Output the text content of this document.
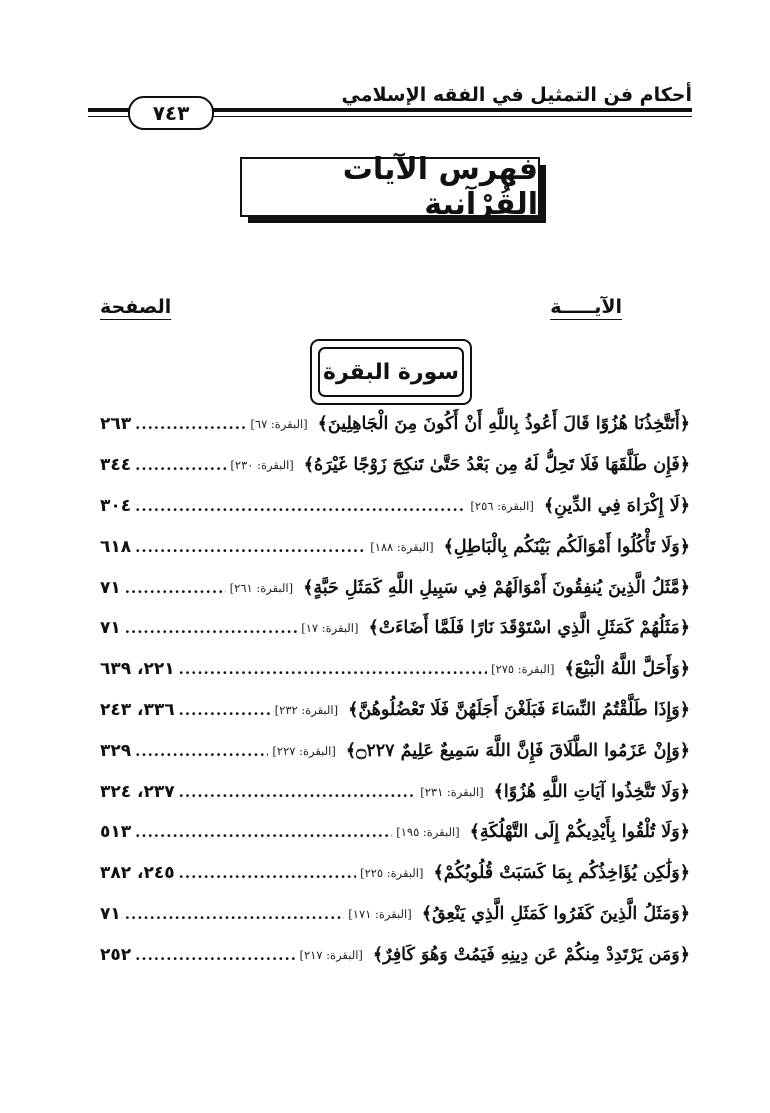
أحكام فن التمثيل في الفقه الإسلامي
٧٤٣
فهرس الآيات القُرْآنية
الآيـــــة
الصفحة
سورة البقرة
﴿أَتَتَّخِذُنَا هُزُوًا قَالَ أَعُوذُ بِاللَّهِ أَنْ أَكُونَ مِنَ الْجَاهِلِينَ﴾
[البقرة: ٦٧]
.....
٢٦٣
﴿فَإِن طَلَّقَهَا فَلَا تَحِلُّ لَهُ مِن بَعْدُ حَتَّىٰ تَنكِحَ زَوْجًا غَيْرَهُ﴾
[البقرة: ٢٣٠]
.....
٣٤٤
﴿لَا إِكْرَاهَ فِي الدِّينِ﴾
[البقرة: ٢٥٦]
.....
٣٠٤
﴿وَلَا تَأْكُلُوا أَمْوَالَكُم بَيْنَكُم بِالْبَاطِلِ﴾
[البقرة: ١٨٨]
.....
٦١٨
﴿مَّثَلُ الَّذِينَ يُنفِقُونَ أَمْوَالَهُمْ فِي سَبِيلِ اللَّهِ كَمَثَلِ حَبَّةٍ﴾
[البقرة: ٢٦١]
.....
٧١
﴿مَثَلُهُمْ كَمَثَلِ الَّذِي اسْتَوْقَدَ نَارًا فَلَمَّا أَضَاءَتْ﴾
[البقرة: ١٧]
.....
٧١
﴿وَأَحَلَّ اللَّهُ الْبَيْعَ﴾
[البقرة: ٢٧٥]
.....
٢٢١، ٦٣٩
﴿وَإِذَا طَلَّقْتُمُ النِّسَاءَ فَبَلَغْنَ أَجَلَهُنَّ فَلَا تَعْضُلُوهُنَّ﴾
[البقرة: ٢٣٢]
.....
٣٣٦، ٢٤٣
﴿وَإِنْ عَزَمُوا الطَّلَاقَ فَإِنَّ اللَّهَ سَمِيعٌ عَلِيمٌ ۝٢٢٧﴾
[البقرة: ٢٢٧]
.....
٣٢٩
﴿وَلَا تَتَّخِذُوا آيَاتِ اللَّهِ هُزُوًا﴾
[البقرة: ٢٣١]
.....
٢٣٧، ٣٢٤
﴿وَلَا تُلْقُوا بِأَيْدِيكُمْ إِلَى التَّهْلُكَةِ﴾
[البقرة: ١٩٥]
.....
٥١٣
﴿وَلَٰكِن يُؤَاخِذُكُم بِمَا كَسَبَتْ قُلُوبُكُمْ﴾
[البقرة: ٢٢٥]
.....
٢٤٥، ٣٨٢
﴿وَمَثَلُ الَّذِينَ كَفَرُوا كَمَثَلِ الَّذِي يَنْعِقُ﴾
[البقرة: ١٧١]
.....
٧١
﴿وَمَن يَرْتَدِدْ مِنكُمْ عَن دِينِهِ فَيَمُتْ وَهُوَ كَافِرٌ﴾
[البقرة: ٢١٧]
.....
٢٥٢
